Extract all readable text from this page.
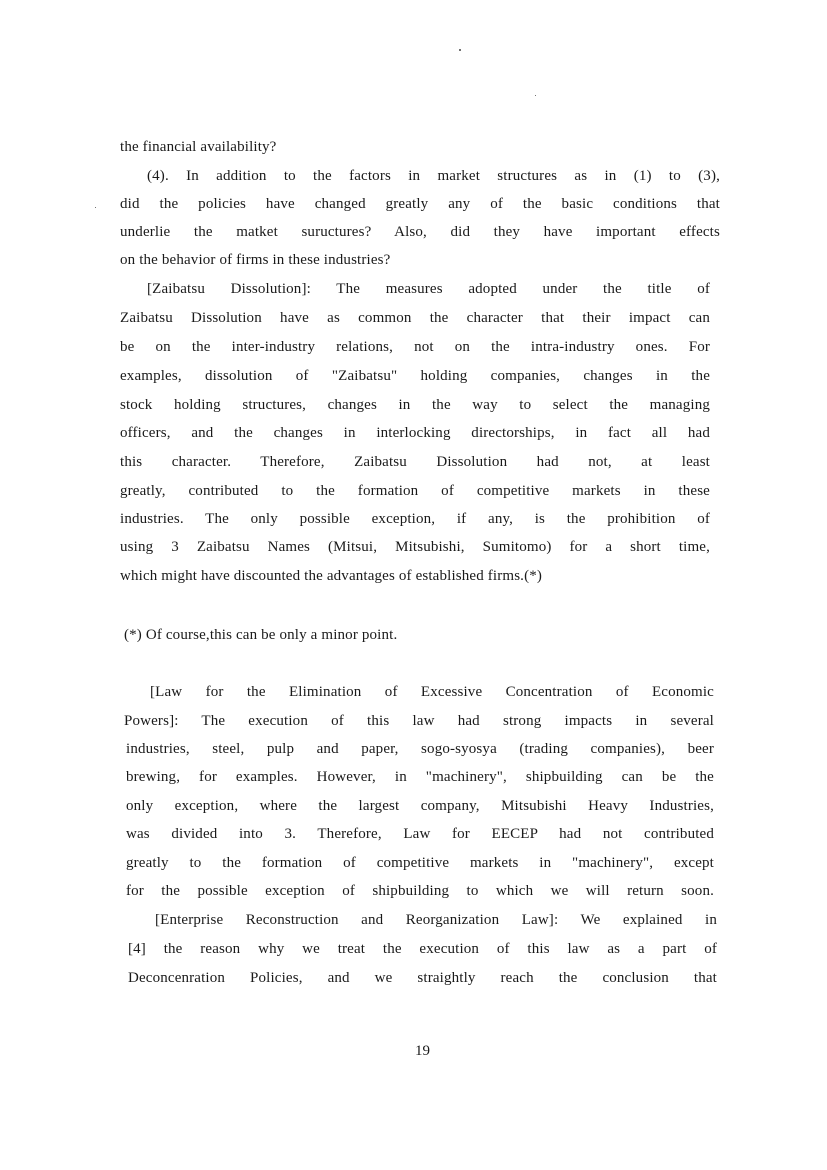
the financial availability?
(4). In addition to the factors in market structures as in (1) to (3),
did the policies have changed greatly any of the basic conditions that
underlie the matket suructures? Also, did they have important effects
on the behavior of firms in these industries?
[Zaibatsu Dissolution]: The measures adopted under the title of
Zaibatsu Dissolution have as common the character that their impact can
be on the inter-industry relations, not on the intra-industry ones. For
examples, dissolution of "Zaibatsu" holding companies, changes in the
stock holding structures, changes in the way to select the managing
officers, and the changes in interlocking directorships, in fact all had
this character. Therefore, Zaibatsu Dissolution had not, at least
greatly, contributed to the formation of competitive markets in these
industries. The only possible exception, if any, is the prohibition of
using 3 Zaibatsu Names (Mitsui, Mitsubishi, Sumitomo) for a short time,
which might have discounted the advantages of established firms.(*)
(*) Of course,this can be only a minor point.
[Law for the Elimination of Excessive Concentration of Economic
Powers]: The execution of this law had strong impacts in several
industries, steel, pulp and paper, sogo-syosya (trading companies), beer
brewing, for examples. However, in "machinery", shipbuilding can be the
only exception, where the largest company, Mitsubishi Heavy Industries,
was divided into 3. Therefore, Law for EECEP had not contributed
greatly to the formation of competitive markets in "machinery", except
for the possible exception of shipbuilding to which we will return soon.
[Enterprise Reconstruction and Reorganization Law]: We explained in
[4] the reason why we treat the execution of this law as a part of
Deconcenration Policies, and we straightly reach the conclusion that
19
